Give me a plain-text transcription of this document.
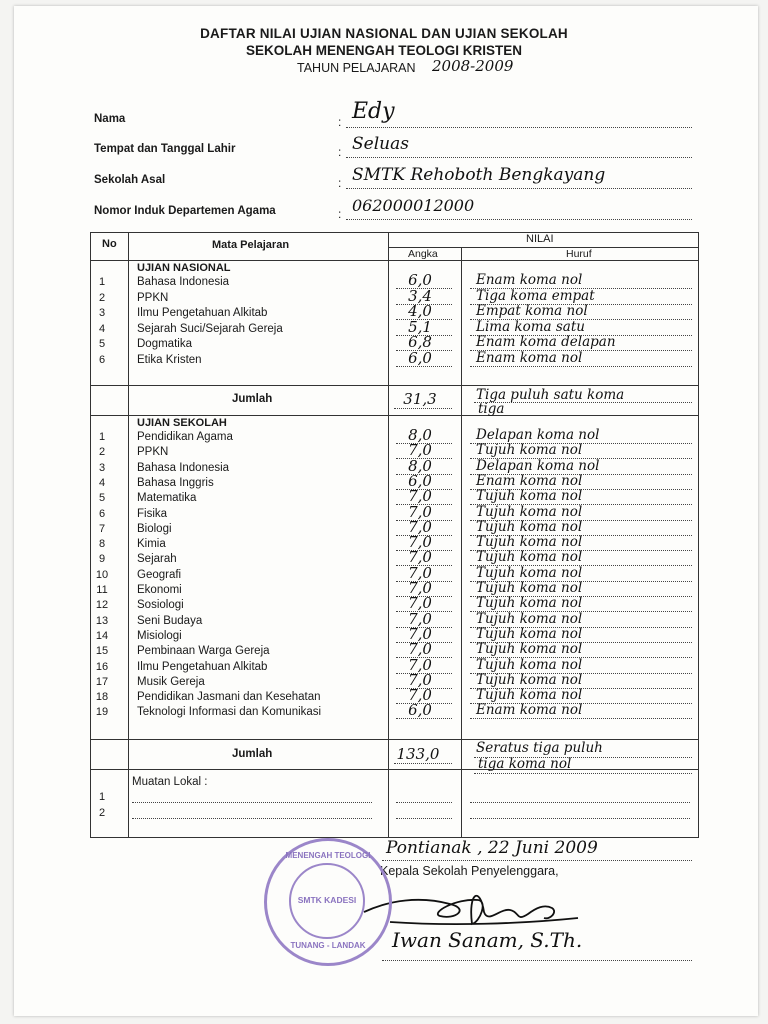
DAFTAR NILAI UJIAN NASIONAL DAN UJIAN SEKOLAH
SEKOLAH MENENGAH TEOLOGI KRISTEN
TAHUN PELAJARAN 2008-2009
Nama	: Edy
Tempat dan Tanggal Lahir	: Seluas
Sekolah Asal	: SMTK Rehoboth Bengkayang
Nomor Induk Departemen Agama	: 062000012000
No	Mata Pelajaran	NILAI
Angka	Huruf
UJIAN NASIONAL
1	Bahasa Indonesia	6,0	Enam koma nol
2	PPKN	3,4	Tiga koma empat
3	Ilmu Pengetahuan Alkitab	4,0	Empat koma nol
4	Sejarah Suci/Sejarah Gereja	5,1	Lima koma satu
5	Dogmatika	6,8	Enam koma delapan
6	Etika Kristen	6,0	Enam koma nol
UJIAN SEKOLAH
1	Pendidikan Agama	8,0	Delapan koma nol
2	PPKN	7,0	Tujuh koma nol
3	Bahasa Indonesia	8,0	Delapan koma nol
4	Bahasa Inggris	6,0	Enam koma nol
5	Matematika	7,0	Tujuh koma nol
6	Fisika	7,0	Tujuh koma nol
7	Biologi	7,0	Tujuh koma nol
8	Kimia	7,0	Tujuh koma nol
9	Sejarah	7,0	Tujuh koma nol
10	Geografi	7,0	Tujuh koma nol
11	Ekonomi	7,0	Tujuh koma nol
12	Sosiologi	7,0	Tujuh koma nol
13	Seni Budaya	7,0	Tujuh koma nol
14	Misiologi	7,0	Tujuh koma nol
15	Pembinaan Warga Gereja	7,0	Tujuh koma nol
16	Ilmu Pengetahuan Alkitab	7,0	Tujuh koma nol
17	Musik Gereja	7,0	Tujuh koma nol
18	Pendidikan Jasmani dan Kesehatan	7,0	Tujuh koma nol
19	Teknologi Informasi dan Komunikasi	6,0	Enam koma nol
Jumlah	31,3	Tiga puluh satu koma
tiga
Jumlah	133,0	Seratus tiga puluh
tiga koma nol
Muatan Lokal :
1
2
Pontianak , 22 Juni 2009
Kepala Sekolah Penyelenggara,
Iwan Sanam, S.Th.
MENENGAH TEOLOGI
SMTK KADESI
TUNANG - LANDAK
